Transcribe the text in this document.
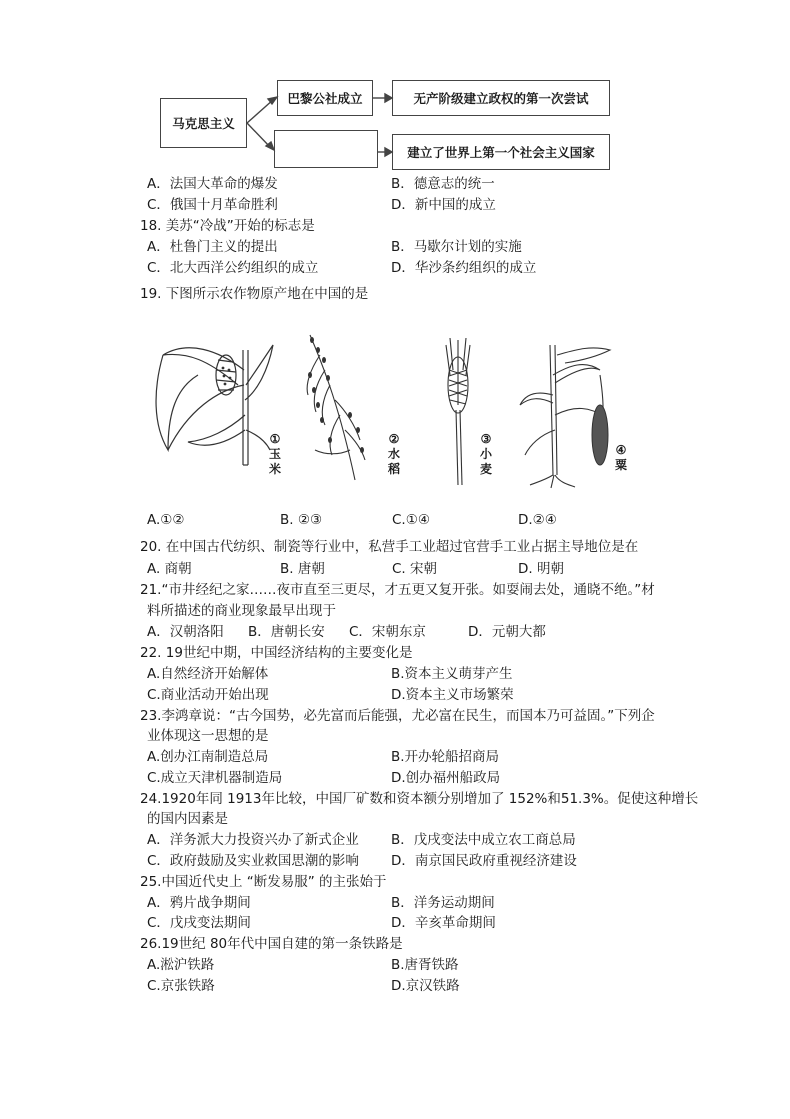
马克思主义
巴黎公社成立	无产阶级建立政权的第一次尝试
建立了世界上第一个社会主义国家
A．法国大革命的爆发	B．德意志的统一
C．俄国十月革命胜利	D．新中国的成立
18. 美苏“冷战”开始的标志是
A．杜鲁门主义的提出	B．马歇尔计划的实施
C．北大西洋公约组织的成立	D．华沙条约组织的成立
19. 下图所示农作物原产地在中国的是
①
玉
米
②
水
稻
③
小
麦
④
粟
A.①②	B. ②③	C.①④	D.②④
20. 在中国古代纺织、制瓷等行业中，私营手工业超过官营手工业占据主导地位是在
A. 商朝	B. 唐朝	C. 宋朝	D. 明朝
21.“市井经纪之家……夜市直至三更尽，才五更又复开张。如耍闹去处，通晓不绝。”材
料所描述的商业现象最早出现于
A．汉朝洛阳 B．唐朝长安 C．宋朝东京	D．元朝大都
22. 19世纪中期，中国经济结构的主要变化是
A.自然经济开始解体	B.资本主义萌芽产生
C.商业活动开始出现	D.资本主义市场繁荣
23.李鸿章说：“古今国势，必先富而后能强，尤必富在民生，而国本乃可益固。”下列企
业体现这一思想的是
A.创办江南制造总局	B.开办轮船招商局
C.成立天津机器制造局	D.创办福州船政局
24.1920年同 1913年比较，中国厂矿数和资本额分别增加了 152%和51.3%。促使这种增长
的国内因素是
A．洋务派大力投资兴办了新式企业 B．戊戌变法中成立农工商总局
C．政府鼓励及实业救国思潮的影响 D．南京国民政府重视经济建设
25.中国近代史上 “断发易服” 的主张始于
A．鸦片战争期间	B．洋务运动期间
C．戊戌变法期间	D．辛亥革命期间
26.19世纪 80年代中国自建的第一条铁路是
A.淞沪铁路	B.唐胥铁路
C.京张铁路	D.京汉铁路
